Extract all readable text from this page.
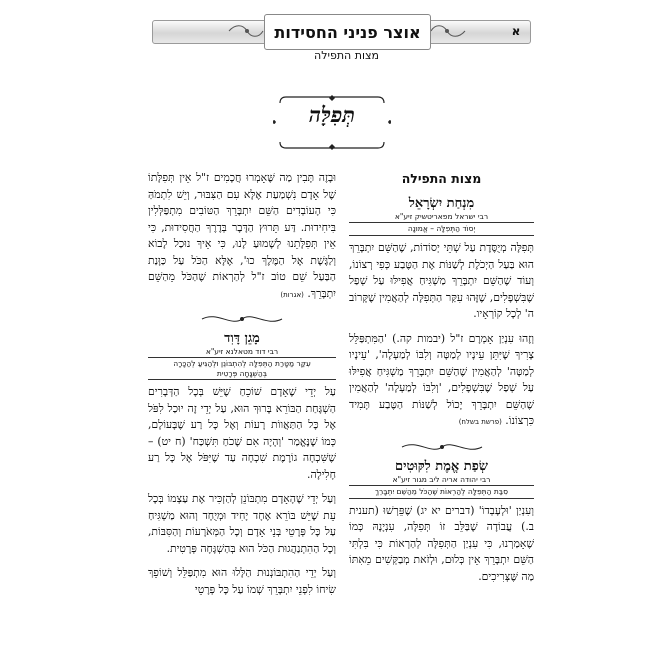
אוצר פניני החסידות	א
מצות התפילה
תְּפִלָּה
מצות התפילה
מִנְחַת יִשְׂרָאֵל
רבי ישראל מפאריטשיק זיע"א
יְסוֹד הַתְּפִלָּה – אֱמוּנָה

תְּפִלָּה מְיֻסֶּדֶת עַל שְׁתֵּי יְסוֹדוֹת, שֶׁהַשֵּׁם יִתְבָּרֵךְ הוּא בַּעַל הַיְכֹלֶת לְשַׁנּוֹת אֶת הַטֶּבַע כְּפִי רְצוֹנוֹ, וְעוֹד שֶׁהַשֵּׁם יִתְבָּרֵךְ מַשְׁגִּיחַ אֲפִילּוּ עַל שְׁפַל שֶׁבִּשְׁפָלִים, שֶׁזֶּהוּ עִקַּר הַתְּפִלָּה לְהַאֲמִין שֶׁקָּרוֹב ה' לְכָל קוֹרְאָיו.

וְזֶהוּ עִנְיַן אָמְרָם ז"ל (יבמות קה.) 'הַמִּתְפַּלֵּל צָרִיךְ שֶׁיִּתֵּן עֵינָיו לְמַטָּה וְלִבּוֹ לְמַעְלָה', 'עֵינָיו לְמַטָּה' לְהַאֲמִין שֶׁהַשֵּׁם יִתְבָּרֵךְ מַשְׁגִּיחַ אֲפִילּוּ עַל שְׁפַל שֶׁבִּשְׁפָלִים, 'וְלִבּוֹ לְמַעְלָה' לְהַאֲמִין שֶׁהַשֵּׁם יִתְבָּרֵךְ יָכוֹל לְשַׁנּוֹת הַטֶּבַע תָּמִיד כִּרְצוֹנוֹ. (פרשת בשלח)

שְׂפַת אֱמֶת לִקּוּטִים
רבי יהודה אריה ליב מגור זיע"א
סִבַּת הַתְּפִלָּה לְהַרְאוֹת שֶׁהַכֹּל מֵהַשֵּׁם יִתְבָּרֵךְ

וְעִנְיַן 'וּלְעָבְדוֹ' (דברים יא יג) שֶׁפֵּרְשׁוּ (תענית ב.) עֲבוֹדָה שֶׁבַּלֵּב זוֹ תְּפִלָּה, עִנְיָנָהּ כְּמוֹ שֶׁאָמַרְנוּ, כִּי עִנְיַן הַתְּפִלָּה לְהַרְאוֹת כִּי בִּלְתִּי הַשֵּׁם יִתְבָּרֵךְ אֵין כְּלוּם, וּלְזֹאת מְבַקְּשִׁים מֵאִתּוֹ מַה שֶּׁצְּרִיכִים.

וּבָזֶה תָּבִין מַה שֶּׁאָמְרוּ חֲכָמִים ז"ל אֵין תְּפִלָּתוֹ שֶׁל אָדָם נִשְׁמַעַת אֶלָּא עִם הַצִּבּוּר, וְיֵשׁ לִתְמֹהַּ כִּי הָעוֹבְדִים הַשֵּׁם יִתְבָּרֵךְ הַטּוֹבִים מִתְפַּלְּלִין בִּיחִידוּת. דַּע תֵּרוּץ הַדָּבָר בְּדֶרֶךְ הַחֲסִידוּת, כִּי אֵין תְּפִלָּתֵנוּ לְשָׁמוּעַ לָנוּ, כִּי אֵיךְ נוּכַל לָבוֹא וְלַגֶּשֶׁת אֶל הַמֶּלֶךְ כוּ', אֶלָּא הַכֹּל עַל כַּוָּנַת הַבַּעַל שֵׁם טוֹב ז"ל לְהַרְאוֹת שֶׁהַכֹּל מֵהַשֵּׁם יִתְבָּרֵךְ. (אגרות)

מָגֵן דָּוִד
רבי דוד מטאלנא זיע"א
עִקַּר מַטָּרַת הַתְּפִלָּה לְהִתְבּוֹנֵן וּלְהַגִּיעַ לְהַכָּרָה
בְּהַשְׁגָּחָה פְּרָטִית

עַל יְדֵי שֶׁאָדָם שׁוֹכֵחַ שֶׁיֵּשׁ בְּכָל הַדְּבָרִים הַשְׁגָּחַת הַבּוֹרֵא בָּרוּךְ הוּא, עַל יְדֵי זֶה יוּכַל לִפֹּל אֶל כָּל הַתַּאֲווֹת רָעוֹת וְאֶל כָּל רַע שֶׁבָּעוֹלָם, כְּמוֹ שֶׁנֶּאֱמַר 'וְהָיָה אִם שָׁכֹחַ תִּשְׁכַּח' (ח יט) – שֶׁשִּׁכְחָה גוֹרֶמֶת שִׁכְחָה עַד שֶׁיִּפֹּל אֶל כָּל רַע חָלִילָה.

וְעַל יְדֵי שֶׁהָאָדָם מִתְבּוֹנֵן לְהַזְכִּיר אֶת עַצְמוֹ בְּכָל עֵת שֶׁיֵּשׁ בּוֹרֵא אֶחָד יָחִיד וּמְיֻחָד וְהוּא מַשְׁגִּיחַ עַל כָּל פְּרָטֵי בְּנֵי אָדָם וְכָל הַמְּאֹרָעוֹת וְהַסִּבּוֹת, וְכָל הַהִתְנַהֲגוּת הַכֹּל הוּא בְּהַשְׁגָּחָה פְּרָטִית.

וְעַל יְדֵי הַהִתְבּוֹנְנוּת הַלָּלוּ הוּא מִתְפַּלֵּל וְשׁוֹפֵךְ שִׂיחוֹ לִפְנֵי יִתְבָּרֵךְ שְׁמוֹ עַל כָּל פְּרָטֵי
